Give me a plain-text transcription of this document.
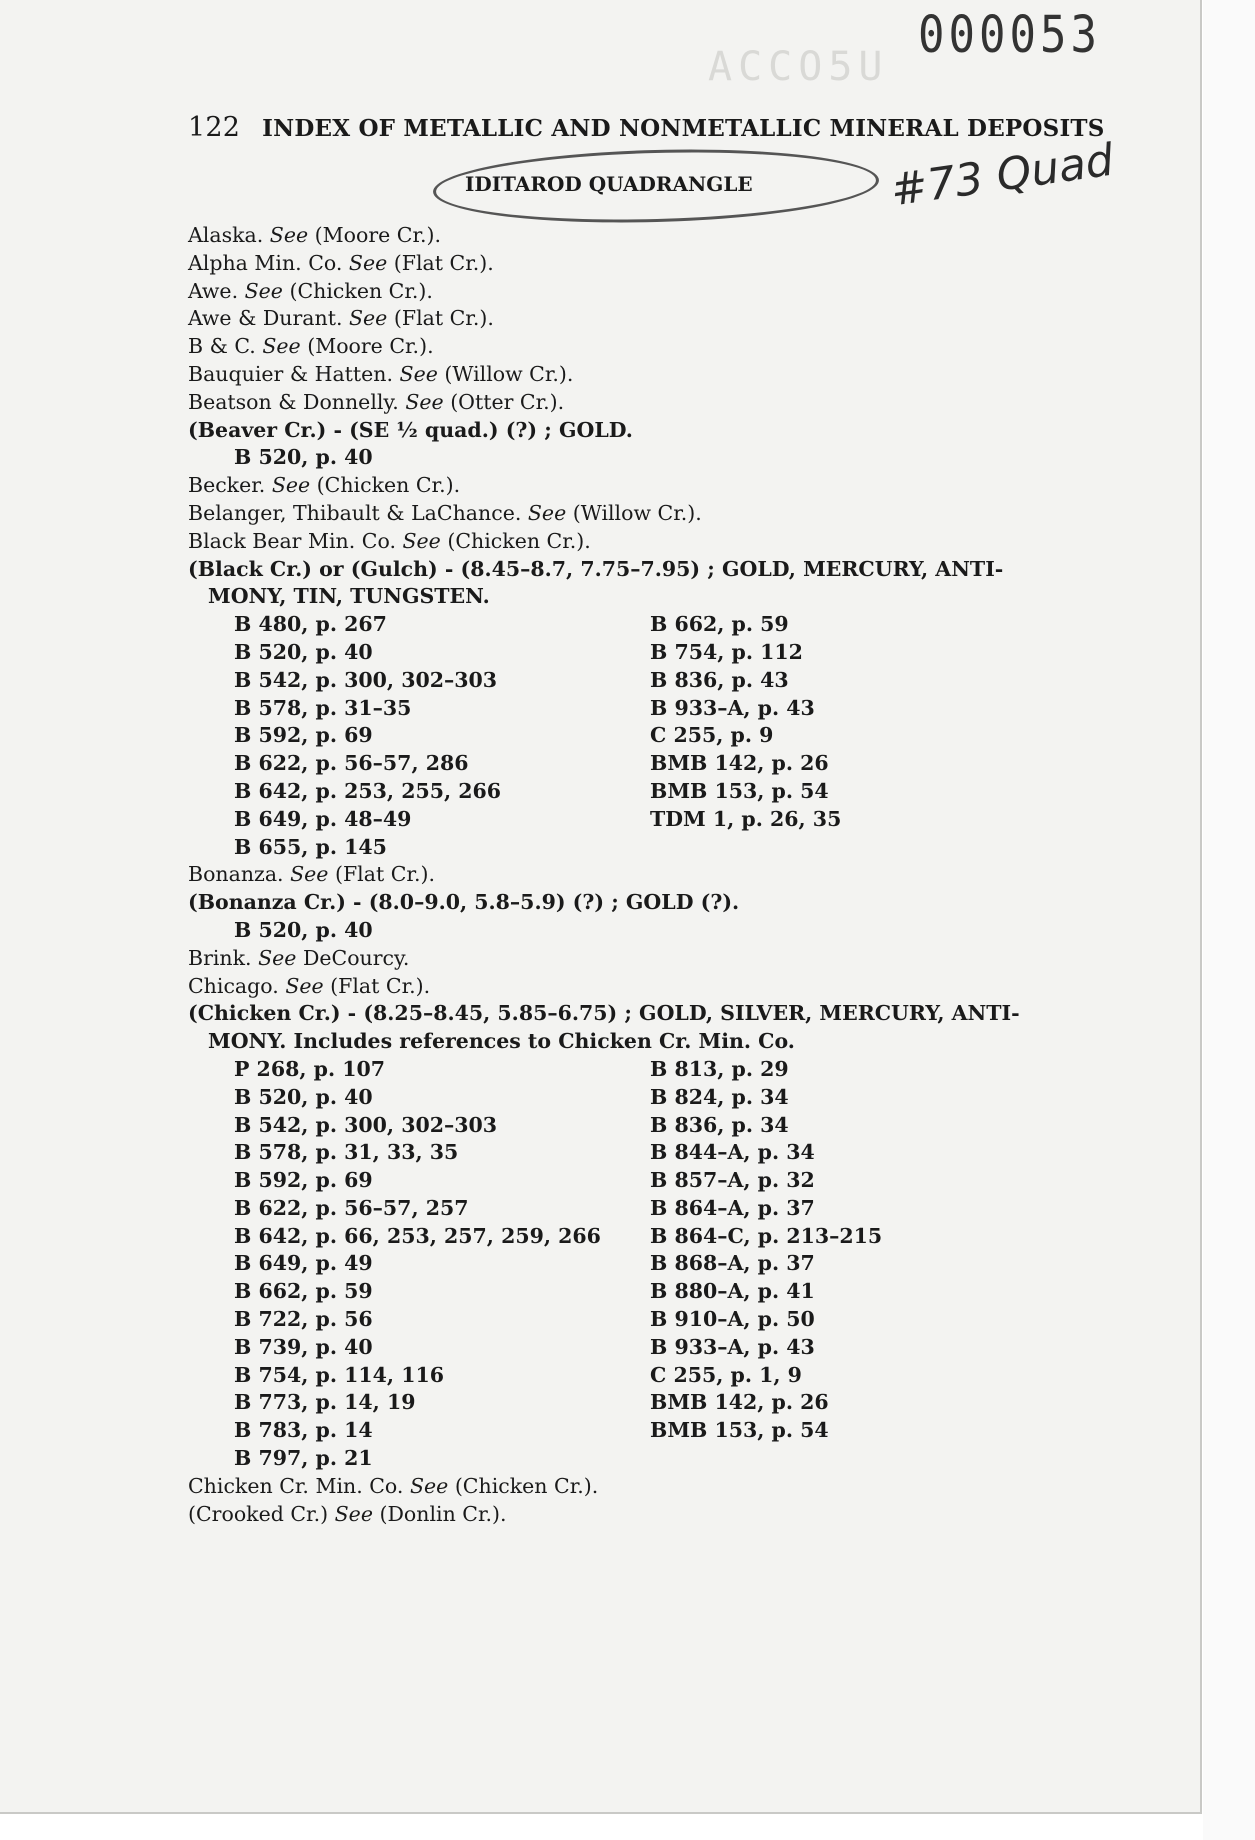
ACCO5U
000053
122 INDEX OF METALLIC AND NONMETALLIC MINERAL DEPOSITS
IDITAROD QUADRANGLE	#73 Quad
Alaska. See (Moore Cr.).
Alpha Min. Co. See (Flat Cr.).
Awe. See (Chicken Cr.).
Awe & Durant. See (Flat Cr.).
B & C. See (Moore Cr.).
Bauquier & Hatten. See (Willow Cr.).
Beatson & Donnelly. See (Otter Cr.).
(Beaver Cr.) - (SE ½ quad.) (?) ; GOLD.
B 520, p. 40
Becker. See (Chicken Cr.).
Belanger, Thibault & LaChance. See (Willow Cr.).
Black Bear Min. Co. See (Chicken Cr.).
(Black Cr.) or (Gulch) - (8.45–8.7, 7.75–7.95) ; GOLD, MERCURY, ANTI-
MONY, TIN, TUNGSTEN.
B 480, p. 267	B 662, p. 59
B 520, p. 40	B 754, p. 112
B 542, p. 300, 302–303	B 836, p. 43
B 578, p. 31–35	B 933–A, p. 43
B 592, p. 69	C 255, p. 9
B 622, p. 56–57, 286	BMB 142, p. 26
B 642, p. 253, 255, 266	BMB 153, p. 54
B 649, p. 48–49	TDM 1, p. 26, 35
B 655, p. 145
Bonanza. See (Flat Cr.).
(Bonanza Cr.) - (8.0–9.0, 5.8–5.9) (?) ; GOLD (?).
B 520, p. 40
Brink. See DeCourcy.
Chicago. See (Flat Cr.).
(Chicken Cr.) - (8.25–8.45, 5.85–6.75) ; GOLD, SILVER, MERCURY, ANTI-
MONY. Includes references to Chicken Cr. Min. Co.
P 268, p. 107	B 813, p. 29
B 520, p. 40	B 824, p. 34
B 542, p. 300, 302–303	B 836, p. 34
B 578, p. 31, 33, 35	B 844–A, p. 34
B 592, p. 69	B 857–A, p. 32
B 622, p. 56–57, 257	B 864–A, p. 37
B 642, p. 66, 253, 257, 259, 266	B 864–C, p. 213–215
B 649, p. 49	B 868–A, p. 37
B 662, p. 59	B 880–A, p. 41
B 722, p. 56	B 910–A, p. 50
B 739, p. 40	B 933–A, p. 43
B 754, p. 114, 116	C 255, p. 1, 9
B 773, p. 14, 19	BMB 142, p. 26
B 783, p. 14	BMB 153, p. 54
B 797, p. 21
Chicken Cr. Min. Co. See (Chicken Cr.).
(Crooked Cr.) See (Donlin Cr.).
